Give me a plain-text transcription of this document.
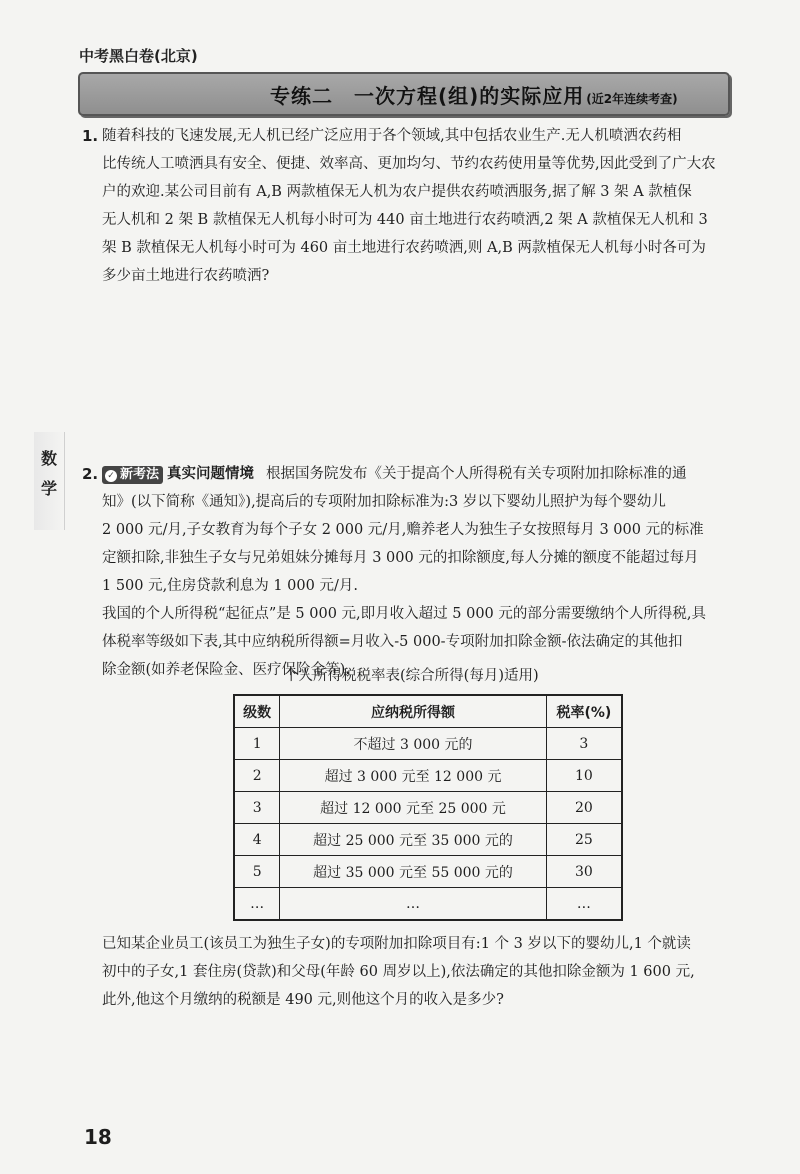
中考黑白卷(北京)
专练二　一次方程(组)的实际应用 (近2年连续考查)
数
学
1. 随着科技的飞速发展,无人机已经广泛应用于各个领域,其中包括农业生产.无人机喷洒农药相
比传统人工喷洒具有安全、便捷、效率高、更加均匀、节约农药使用量等优势,因此受到了广大农
户的欢迎.某公司目前有 A,B 两款植保无人机为农户提供农药喷洒服务,据了解 3 架 A 款植保
无人机和 2 架 B 款植保无人机每小时可为 440 亩土地进行农药喷洒,2 架 A 款植保无人机和 3
架 B 款植保无人机每小时可为 460 亩土地进行农药喷洒,则 A,B 两款植保无人机每小时各可为
多少亩土地进行农药喷洒?
2.	✓ 新考法 真实问题情境 根据国务院发布《关于提高个人所得税有关专项附加扣除标准的通
知》(以下简称《通知》),提高后的专项附加扣除标准为:3 岁以下婴幼儿照护为每个婴幼儿
2 000 元/月,子女教育为每个子女 2 000 元/月,赡养老人为独生子女按照每月 3 000 元的标准
定额扣除,非独生子女与兄弟姐妹分摊每月 3 000 元的扣除额度,每人分摊的额度不能超过每月
1 500 元,住房贷款利息为 1 000 元/月.
我国的个人所得税“起征点”是 5 000 元,即月收入超过 5 000 元的部分需要缴纳个人所得税,具
体税率等级如下表,其中应纳税所得额=月收入-5 000-专项附加扣除金额-依法确定的其他扣
除金额(如养老保险金、医疗保险金等).
个人所得税税率表(综合所得(每月)适用)
级数	应纳税所得额	税率(%)
1	不超过 3 000 元的	3
2	超过 3 000 元至 12 000 元	10
3	超过 12 000 元至 25 000 元	20
4	超过 25 000 元至 35 000 元的	25
5	超过 35 000 元至 55 000 元的	30
…	…	…
已知某企业员工(该员工为独生子女)的专项附加扣除项目有:1 个 3 岁以下的婴幼儿,1 个就读
初中的子女,1 套住房(贷款)和父母(年龄 60 周岁以上),依法确定的其他扣除金额为 1 600 元,
此外,他这个月缴纳的税额是 490 元,则他这个月的收入是多少?
18
